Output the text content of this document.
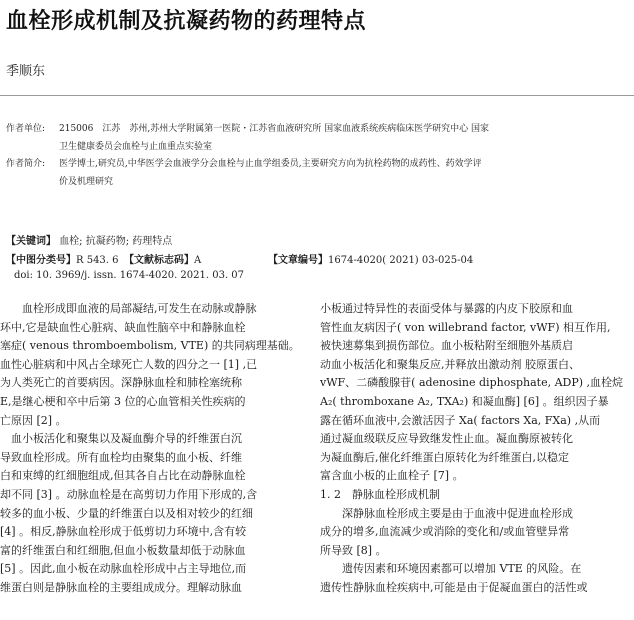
血栓形成机制及抗凝药物的药理特点
季顺东
作者单位: 215006　江苏　苏州,苏州大学附属第一医院・江苏省血液研究所 国家血液系统疾病临床医学研究中心 国家
卫生健康委员会血栓与止血重点实验室
作者简介: 医学博士,研究员,中华医学会血液学分会血栓与止血学组委员,主要研究方向为抗栓药物的成药性、药效学评
价及机理研究
【关键词】 血栓; 抗凝药物; 药理特点
【中图分类号】R 543. 6 【文献标志码】A	【文章编号】1674-4020( 2021) 03-025-04
doi: 10. 3969/j. issn. 1674-4020. 2021. 03. 07
　　血栓形成即血液的局部凝结,可发生在动脉或静脉
环中,它是缺血性心脏病、缺血性脑卒中和静脉血栓
塞症( venous thromboembolism, VTE) 的共同病理基础。
血性心脏病和中风占全球死亡人数的四分之一 [1] ,已
为人类死亡的首要病因。深静脉血栓和肺栓塞统称
E,是继心梗和卒中后第 3 位的心血管相关性疾病的
亡原因 [2] 。
　血小板活化和聚集以及凝血酶介导的纤维蛋白沉
导致血栓形成。所有血栓均由聚集的血小板、纤维
白和束缚的红细胞组成,但其各自占比在动静脉血栓
却不同 [3] 。动脉血栓是在高剪切力作用下形成的,含
较多的血小板、少量的纤维蛋白以及相对较少的红细
[4] 。相反,静脉血栓形成于低剪切力环境中,含有较
富的纤维蛋白和红细胞,但血小板数量却低于动脉血
[5] 。因此,血小板在动脉血栓形成中占主导地位,而
维蛋白则是静脉血栓的主要组成成分。理解动脉血
小板通过特异性的表面受体与暴露的内皮下胶原和血
管性血友病因子( von willebrand factor, vWF) 相互作用,
被快速募集到损伤部位。血小板粘附至细胞外基质启
动血小板活化和聚集反应,并释放出激动剂 胶原蛋白、
vWF、二磷酸腺苷( adenosine diphosphate, ADP) ,血栓烷
A₂( thromboxane A₂, TXA₂) 和凝血酶] [6] 。组织因子暴
露在循环血液中,会激活因子 Xa( factors Xa, FXa) ,从而
通过凝血级联反应导致继发性止血。凝血酶原被转化
为凝血酶后,催化纤维蛋白原转化为纤维蛋白,以稳定
富含血小板的止血栓子 [7] 。
1. 2　静脉血栓形成机制
　　深静脉血栓形成主要是由于血液中促进血栓形成
成分的增多,血流减少或消除的变化和/或血管壁异常
所导致 [8] 。
　　遗传因素和环境因素都可以增加 VTE 的风险。在
遗传性静脉血栓疾病中,可能是由于促凝血蛋白的活性或
